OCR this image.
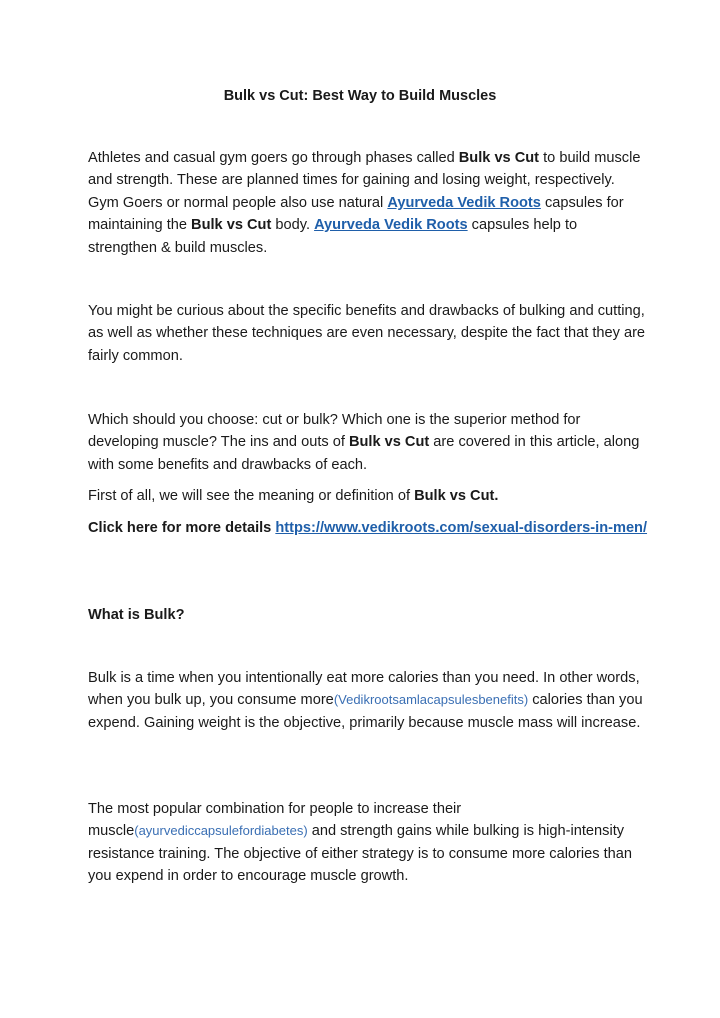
Bulk vs Cut: Best Way to Build Muscles

Athletes and casual gym goers go through phases called Bulk vs Cut to build muscle and strength. These are planned times for gaining and losing weight, respectively. Gym Goers or normal people also use natural Ayurveda Vedik Roots capsules for maintaining the Bulk vs Cut body. Ayurveda Vedik Roots capsules help to strengthen & build muscles.

You might be curious about the specific benefits and drawbacks of bulking and cutting, as well as whether these techniques are even necessary, despite the fact that they are fairly common.

Which should you choose: cut or bulk? Which one is the superior method for developing muscle? The ins and outs of Bulk vs Cut are covered in this article, along with some benefits and drawbacks of each.

First of all, we will see the meaning or definition of Bulk vs Cut.

Click here for more details https://www.vedikroots.com/sexual-disorders-in-men/

What is Bulk?

Bulk is a time when you intentionally eat more calories than you need. In other words, when you bulk up, you consume more(Vedikrootsamlacapsulesbenefits) calories than you expend. Gaining weight is the objective, primarily because muscle mass will increase.

The most popular combination for people to increase their muscle(ayurvediccapsulefordiabetes) and strength gains while bulking is high-intensity resistance training. The objective of either strategy is to consume more calories than you expend in order to encourage muscle growth.
